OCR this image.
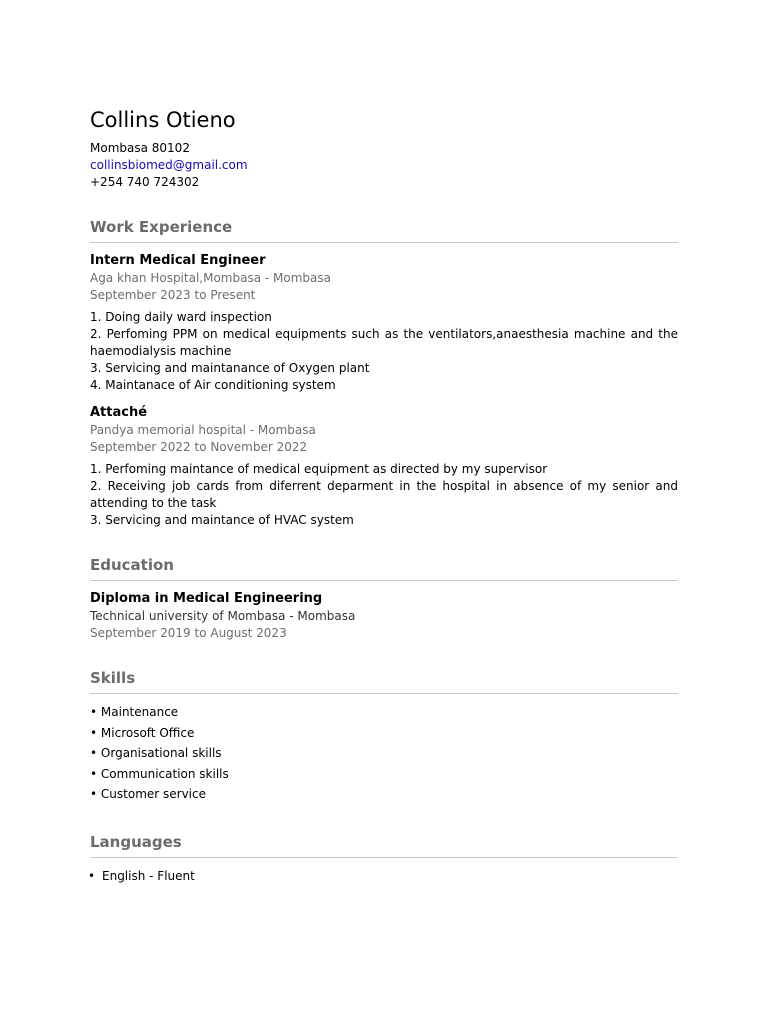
Collins Otieno
Mombasa 80102
collinsbiomed@gmail.com
+254 740 724302
Work Experience
Intern Medical Engineer
Aga khan Hospital,Mombasa - Mombasa
September 2023 to Present
1. Doing daily ward inspection
2. Perfoming PPM on medical equipments such as the ventilators,anaesthesia machine and the haemodialysis machine
3. Servicing and maintanance of Oxygen plant
4. Maintanace of Air conditioning system
Attaché
Pandya memorial hospital - Mombasa
September 2022 to November 2022
1. Perfoming maintance of medical equipment as directed by my supervisor
2. Receiving job cards from diferrent deparment in the hospital in absence of my senior and attending to the task
3. Servicing and maintance of HVAC system
Education
Diploma in Medical Engineering
Technical university of Mombasa - Mombasa
September 2019 to August 2023
Skills
• Maintenance
• Microsoft Office
• Organisational skills
• Communication skills
• Customer service
Languages
• English - Fluent
